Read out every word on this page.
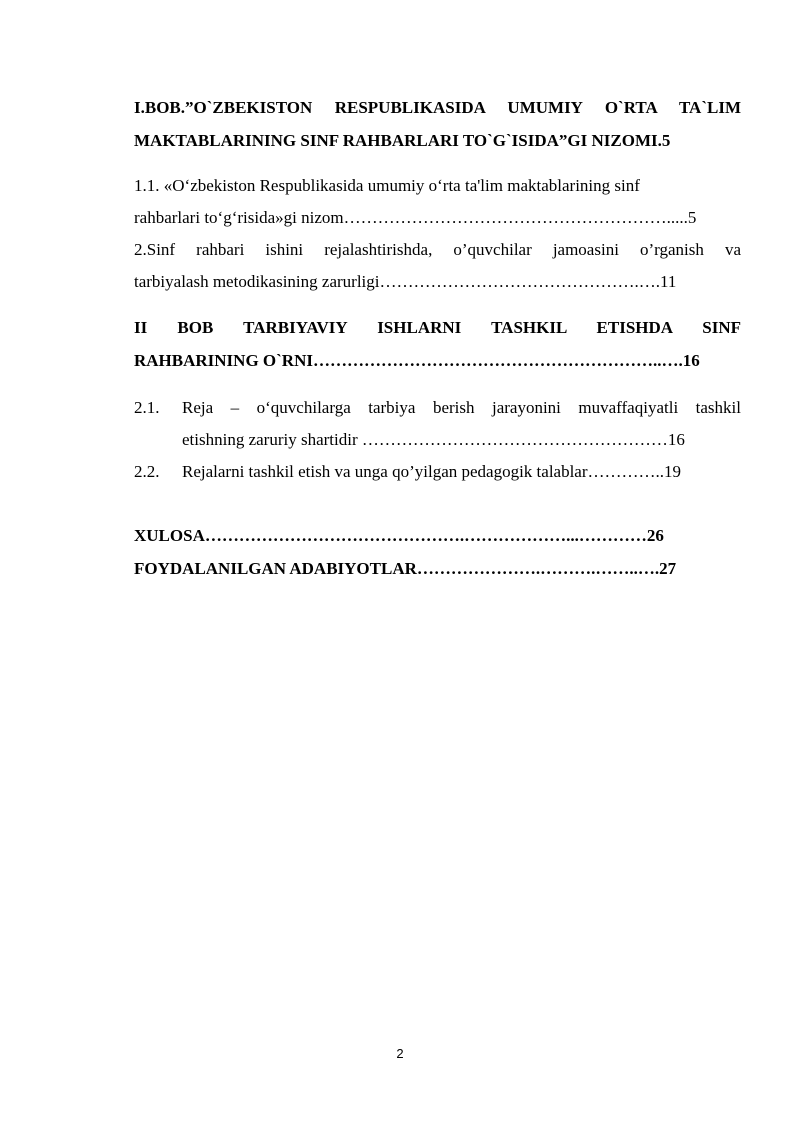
I.BOB.”O`ZBEKISTON RESPUBLIKASIDA UMUMIY O`RTA TA`LIM
MAKTABLARINING SINF RAHBARLARI TO`G`ISIDA”GI NIZOMI.5
1.1. «O‘zbekiston Respublikasida umumiy o‘rta ta'lim maktablarining sinf
rahbarlari to‘g‘risida»gi nizom………………………………………………….....5
2.Sinf rahbari ishini rejalashtirishda, o’quvchilar jamoasini o’rganish va
tarbiyalash metodikasining zarurligi……………………………………….….11
II BOB TARBIYAVIY ISHLARNI TASHKIL ETISHDA SINF
RAHBARINING O`RNI……………………………………………………..….16
2.1.	Reja – o‘quvchilarga tarbiya berish jarayonini muvaffaqiyatli tashkil
etishning zaruriy shartidir ………………………………………………16
2.2.	Rejalarni tashkil etish va unga qo’yilgan pedagogik talablar…………..19
XULOSA……………………………………….………………...…………26
FOYDALANILGAN ADABIYOTLAR………………….……….……..….27
2
